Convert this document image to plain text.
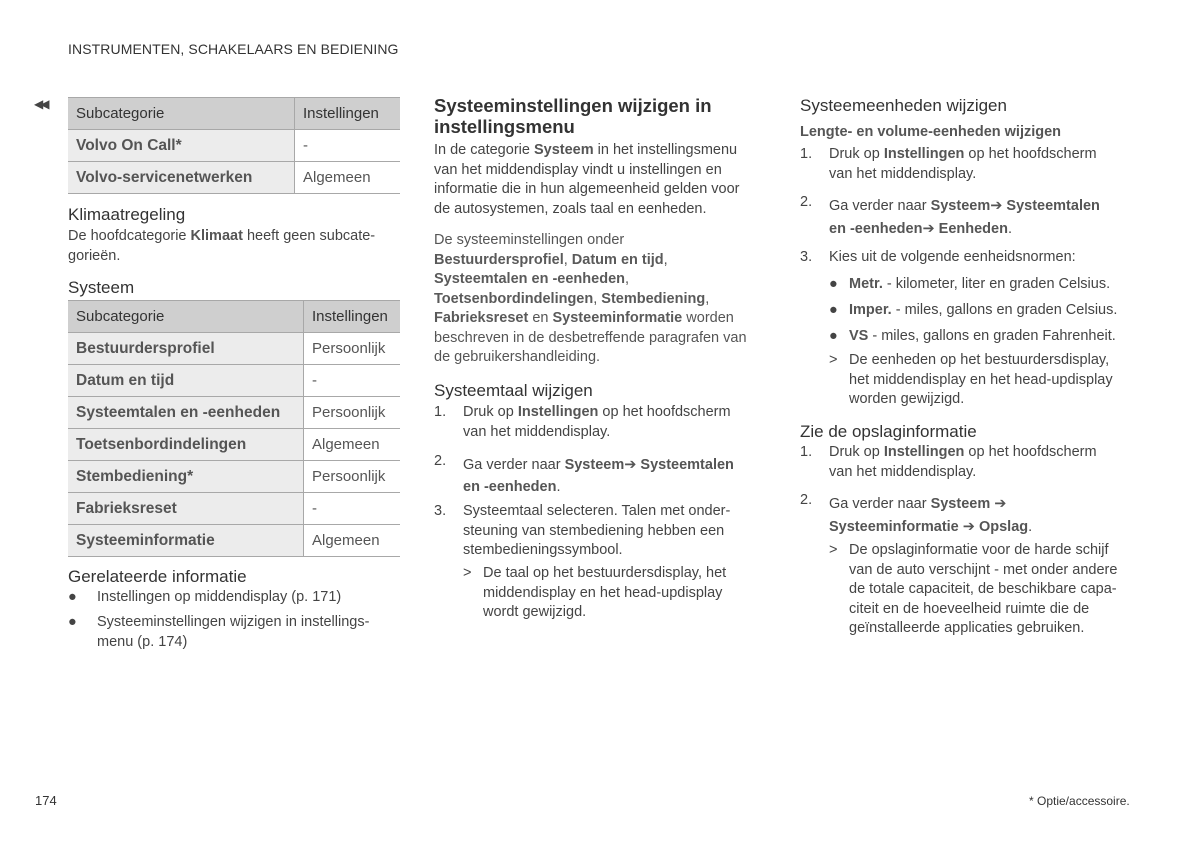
INSTRUMENTEN, SCHAKELAARS EN BEDIENING
◀◀
Subcategorie	Instellingen
Volvo On Call*	-
Volvo-servicenetwerken	Algemeen
Klimaatregeling
De hoofdcategorie Klimaat heeft geen subcate-
gorieën.
Systeem
Subcategorie	Instellingen
Bestuurdersprofiel	Persoonlijk
Datum en tijd	-
Systeemtalen en -eenheden	Persoonlijk
Toetsenbordindelingen	Algemeen
Stembediening*	Persoonlijk
Fabrieksreset	-
Systeeminformatie	Algemeen
Gerelateerde informatie
● Instellingen op middendisplay (p. 171)
● Systeeminstellingen wijzigen in instellings-
menu (p. 174)
Systeeminstellingen wijzigen in
instellingsmenu
In de categorie Systeem in het instellingsmenu
van het middendisplay vindt u instellingen en
informatie die in hun algemeenheid gelden voor
de autosystemen, zoals taal en eenheden.
De systeeminstellingen onder
Bestuurdersprofiel, Datum en tijd,
Systeemtalen en -eenheden,
Toetsenbordindelingen, Stembediening,
Fabrieksreset en Systeeminformatie worden
beschreven in de desbetreffende paragrafen van
de gebruikershandleiding.
Systeemtaal wijzigen
1. Druk op Instellingen op het hoofdscherm
van het middendisplay.
2. Ga verder naar Systeem➔ Systeemtalen
en -eenheden.
3. Systeemtaal selecteren. Talen met onder-
steuning van stembediening hebben een
stembedieningssymbool.
> De taal op het bestuurdersdisplay, het
middendisplay en het head-updisplay
wordt gewijzigd.
Systeemeenheden wijzigen
Lengte- en volume-eenheden wijzigen
1. Druk op Instellingen op het hoofdscherm
van het middendisplay.
2. Ga verder naar Systeem➔ Systeemtalen
en -eenheden➔ Eenheden.
3. Kies uit de volgende eenheidsnormen:
● Metr. - kilometer, liter en graden Celsius.
● Imper. - miles, gallons en graden Celsius.
● VS - miles, gallons en graden Fahrenheit.
> De eenheden op het bestuurdersdisplay,
het middendisplay en het head-updisplay
worden gewijzigd.
Zie de opslaginformatie
1. Druk op Instellingen op het hoofdscherm
van het middendisplay.
2. Ga verder naar Systeem ➔
Systeeminformatie ➔ Opslag.
> De opslaginformatie voor de harde schijf
van de auto verschijnt - met onder andere
de totale capaciteit, de beschikbare capa-
citeit en de hoeveelheid ruimte die de
geïnstalleerde applicaties gebruiken.
174	* Optie/accessoire.
